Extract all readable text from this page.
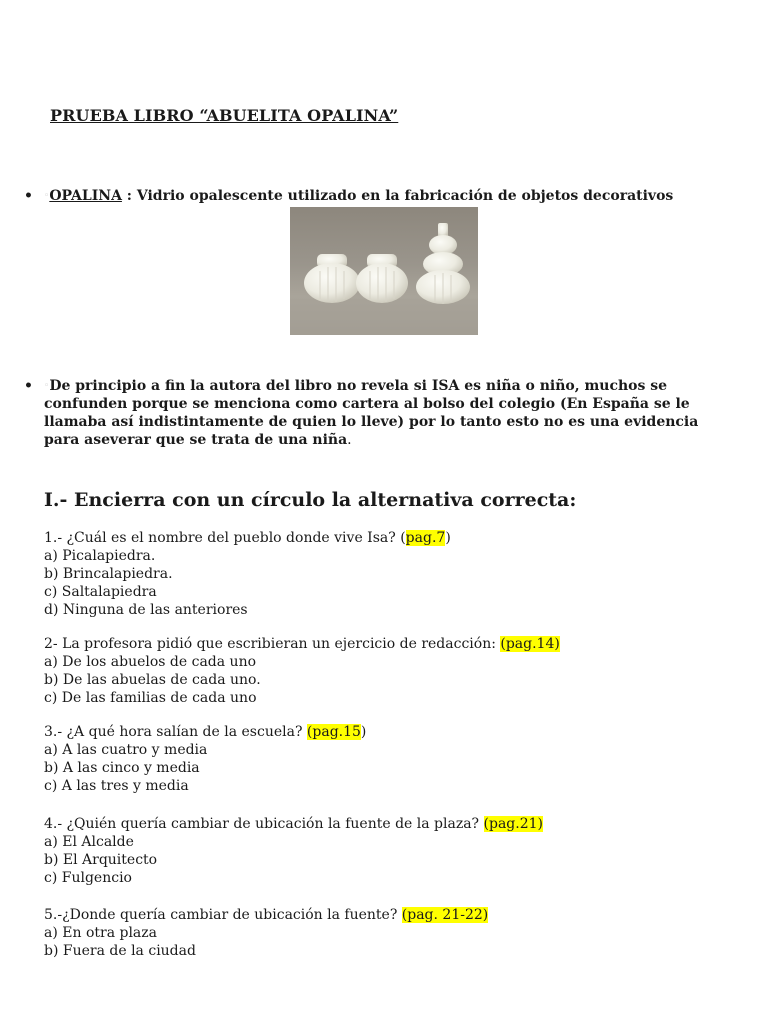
PRUEBA LIBRO “ABUELITA OPALINA”
• ◦OPALINA : Vidrio opalescente utilizado en la fabricación de objetos decorativos
• ◦De principio a fin la autora del libro no revela si ISA es niña o niño, muchos se confunden porque se menciona como cartera al bolso del colegio (En España se le llamaba así indistintamente de quien lo lleve) por lo tanto esto no es una evidencia para aseverar que se trata de una niña.
I.- Encierra con un círculo la alternativa correcta:
1.- ¿Cuál es el nombre del pueblo donde vive Isa? (pag.7)
a) Picalapiedra.
b) Brincalapiedra.
c) Saltalapiedra
d) Ninguna de las anteriores
2- La profesora pidió que escribieran un ejercicio de redacción: (pag.14)
a) De los abuelos de cada uno
b) De las abuelas de cada uno.
c) De las familias de cada uno
3.- ¿A qué hora salían de la escuela? (pag.15)
a) A las cuatro y media
b) A las cinco y media
c) A las tres y media
4.- ¿Quién quería cambiar de ubicación la fuente de la plaza? (pag.21)
a) El Alcalde
b) El Arquitecto
c) Fulgencio
5.-¿Donde quería cambiar de ubicación la fuente? (pag. 21-22)
a) En otra plaza
b) Fuera de la ciudad
